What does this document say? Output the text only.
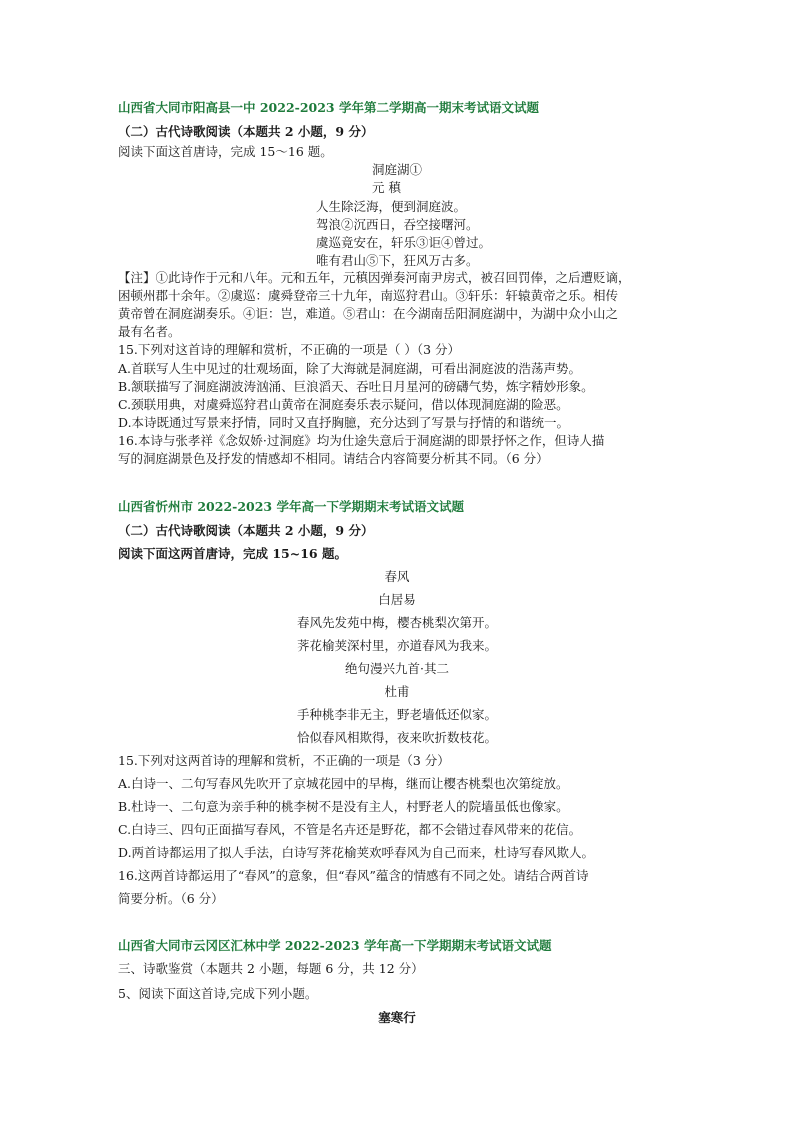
山西省大同市阳高县一中 2022-2023 学年第二学期高一期末考试语文试题
（二）古代诗歌阅读（本题共 2 小题，9 分）
阅读下面这首唐诗，完成 15～16 题。
洞庭湖①
元 稹
人生除泛海，便到洞庭波。
驾浪②沉西日，吞空接曙河。
虞巡竟安在，轩乐③讵④曾过。
唯有君山⑤下，狂风万古多。
【注】①此诗作于元和八年。元和五年，元稹因弹奏河南尹房式，被召回罚俸，之后遭贬谪，
困顿州郡十余年。②虞巡：虞舜登帝三十九年，南巡狩君山。③轩乐：轩辕黄帝之乐。相传
黄帝曾在洞庭湖奏乐。④讵：岂，难道。⑤君山：在今湖南岳阳洞庭湖中，为湖中众小山之
最有名者。
15.下列对这首诗的理解和赏析，不正确的一项是（ ）（3 分）
A.首联写人生中见过的壮观场面，除了大海就是洞庭湖，可看出洞庭波的浩荡声势。
B.颔联描写了洞庭湖波涛汹涌、巨浪滔天、吞吐日月星河的磅礴气势，炼字精妙形象。
C.颈联用典，对虞舜巡狩君山黄帝在洞庭奏乐表示疑问，借以体现洞庭湖的险恶。
D.本诗既通过写景来抒情，同时又直抒胸臆，充分达到了写景与抒情的和谐统一。
16.本诗与张孝祥《念奴娇·过洞庭》均为仕途失意后于洞庭湖的即景抒怀之作，但诗人描
写的洞庭湖景色及抒发的情感却不相同。请结合内容简要分析其不同。（6 分）
山西省忻州市 2022-2023 学年高一下学期期末考试语文试题
（二）古代诗歌阅读（本题共 2 小题，9 分）
阅读下面这两首唐诗，完成 15~16 题。
春风
白居易
春风先发苑中梅，樱杏桃梨次第开。
荠花榆荚深村里，亦道春风为我来。
绝句漫兴九首·其二
杜甫
手种桃李非无主，野老墙低还似家。
恰似春风相欺得，夜来吹折数枝花。
15.下列对这两首诗的理解和赏析，不正确的一项是（3 分）
A.白诗一、二句写春风先吹开了京城花园中的早梅，继而让樱杏桃梨也次第绽放。
B.杜诗一、二句意为亲手种的桃李树不是没有主人，村野老人的院墙虽低也像家。
C.白诗三、四句正面描写春风，不管是名卉还是野花，都不会错过春风带来的花信。
D.两首诗都运用了拟人手法，白诗写荠花榆荚欢呼春风为自己而来，杜诗写春风欺人。
16.这两首诗都运用了“春风”的意象，但“春风”蕴含的情感有不同之处。请结合两首诗
简要分析。（6 分）
山西省大同市云冈区汇林中学 2022-2023 学年高一下学期期末考试语文试题
三、诗歌鉴赏（本题共 2 小题，每题 6 分，共 12 分）
5、阅读下面这首诗,完成下列小题。
塞寒行
